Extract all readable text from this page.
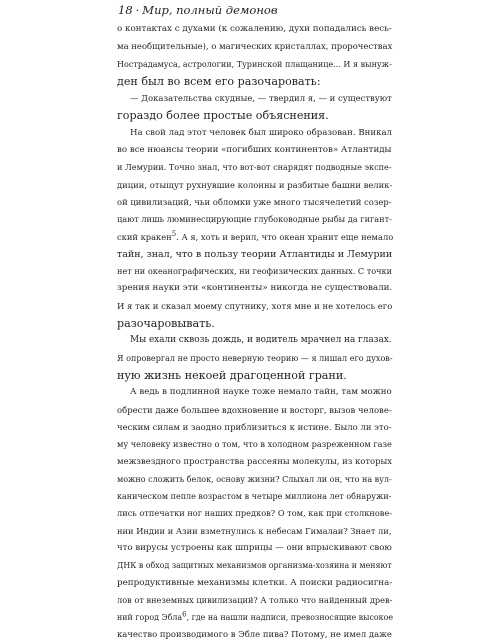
18 · Мир, полный демонов
о контактах с духами (к сожалению, духи попадались весь-
ма необщительные), о магических кристаллах, пророчествах
Нострадамуса, астрологии, Туринской плащанице... И я вынуж-
ден был во всем его разочаровать:
— Доказательства скудные, — твердил я, — и существуют
гораздо более простые объяснения.
На свой лад этот человек был широко образован. Вникал
во все нюансы теории «погибших континентов» Атлантиды
и Лемурии. Точно знал, что вот-вот снарядят подводные экспе-
диции, отыщут рухнувшие колонны и разбитые башни велик-
ой цивилизаций, чьи обломки уже много тысячелетий созер-
цают лишь люминесцирующие глубоководные рыбы да гигант-
ский кракен$^5$. А я, хоть и верил, что океан хранит еще немало
тайн, знал, что в пользу теории Атлантиды и Лемурии
нет ни океанографических, ни геофизических данных. С точки
зрения науки эти «континенты» никогда не существовали.
И я так и сказал моему спутнику, хотя мне и не хотелось его
разочаровывать.
Мы ехали сквозь дождь, и водитель мрачнел на глазах.
Я опровергал не просто неверную теорию — я лишал его духов-
ную жизнь некоей драгоценной грани.
А ведь в подлинной науке тоже немало тайн, там можно
обрести даже большее вдохновение и восторг, вызов челове-
ческим силам и заодно приблизиться к истине. Было ли это-
му человеку известно о том, что в холодном разреженном газе
межзвездного пространства рассеяны молекулы, из которых
можно сложить белок, основу жизни? Слыхал ли он, что на вул-
каническом пепле возрастом в четыре миллиона лет обнаружи-
лись отпечатки ног наших предков? О том, как при столкнове-
нии Индии и Азии взметнулись к небесам Гималаи? Знает ли,
что вирусы устроены как шприцы — они впрыскивают свою
ДНК в обход защитных механизмов организма-хозяина и меняют
репродуктивные механизмы клетки. А поиски радиосигна-
лов от внеземных цивилизаций? А только что найденный древ-
ний город Эбла$^6$, где на нашли надписи, превозносящие высокое
качество производимого в Эбле пива? Потому, не имел даже
